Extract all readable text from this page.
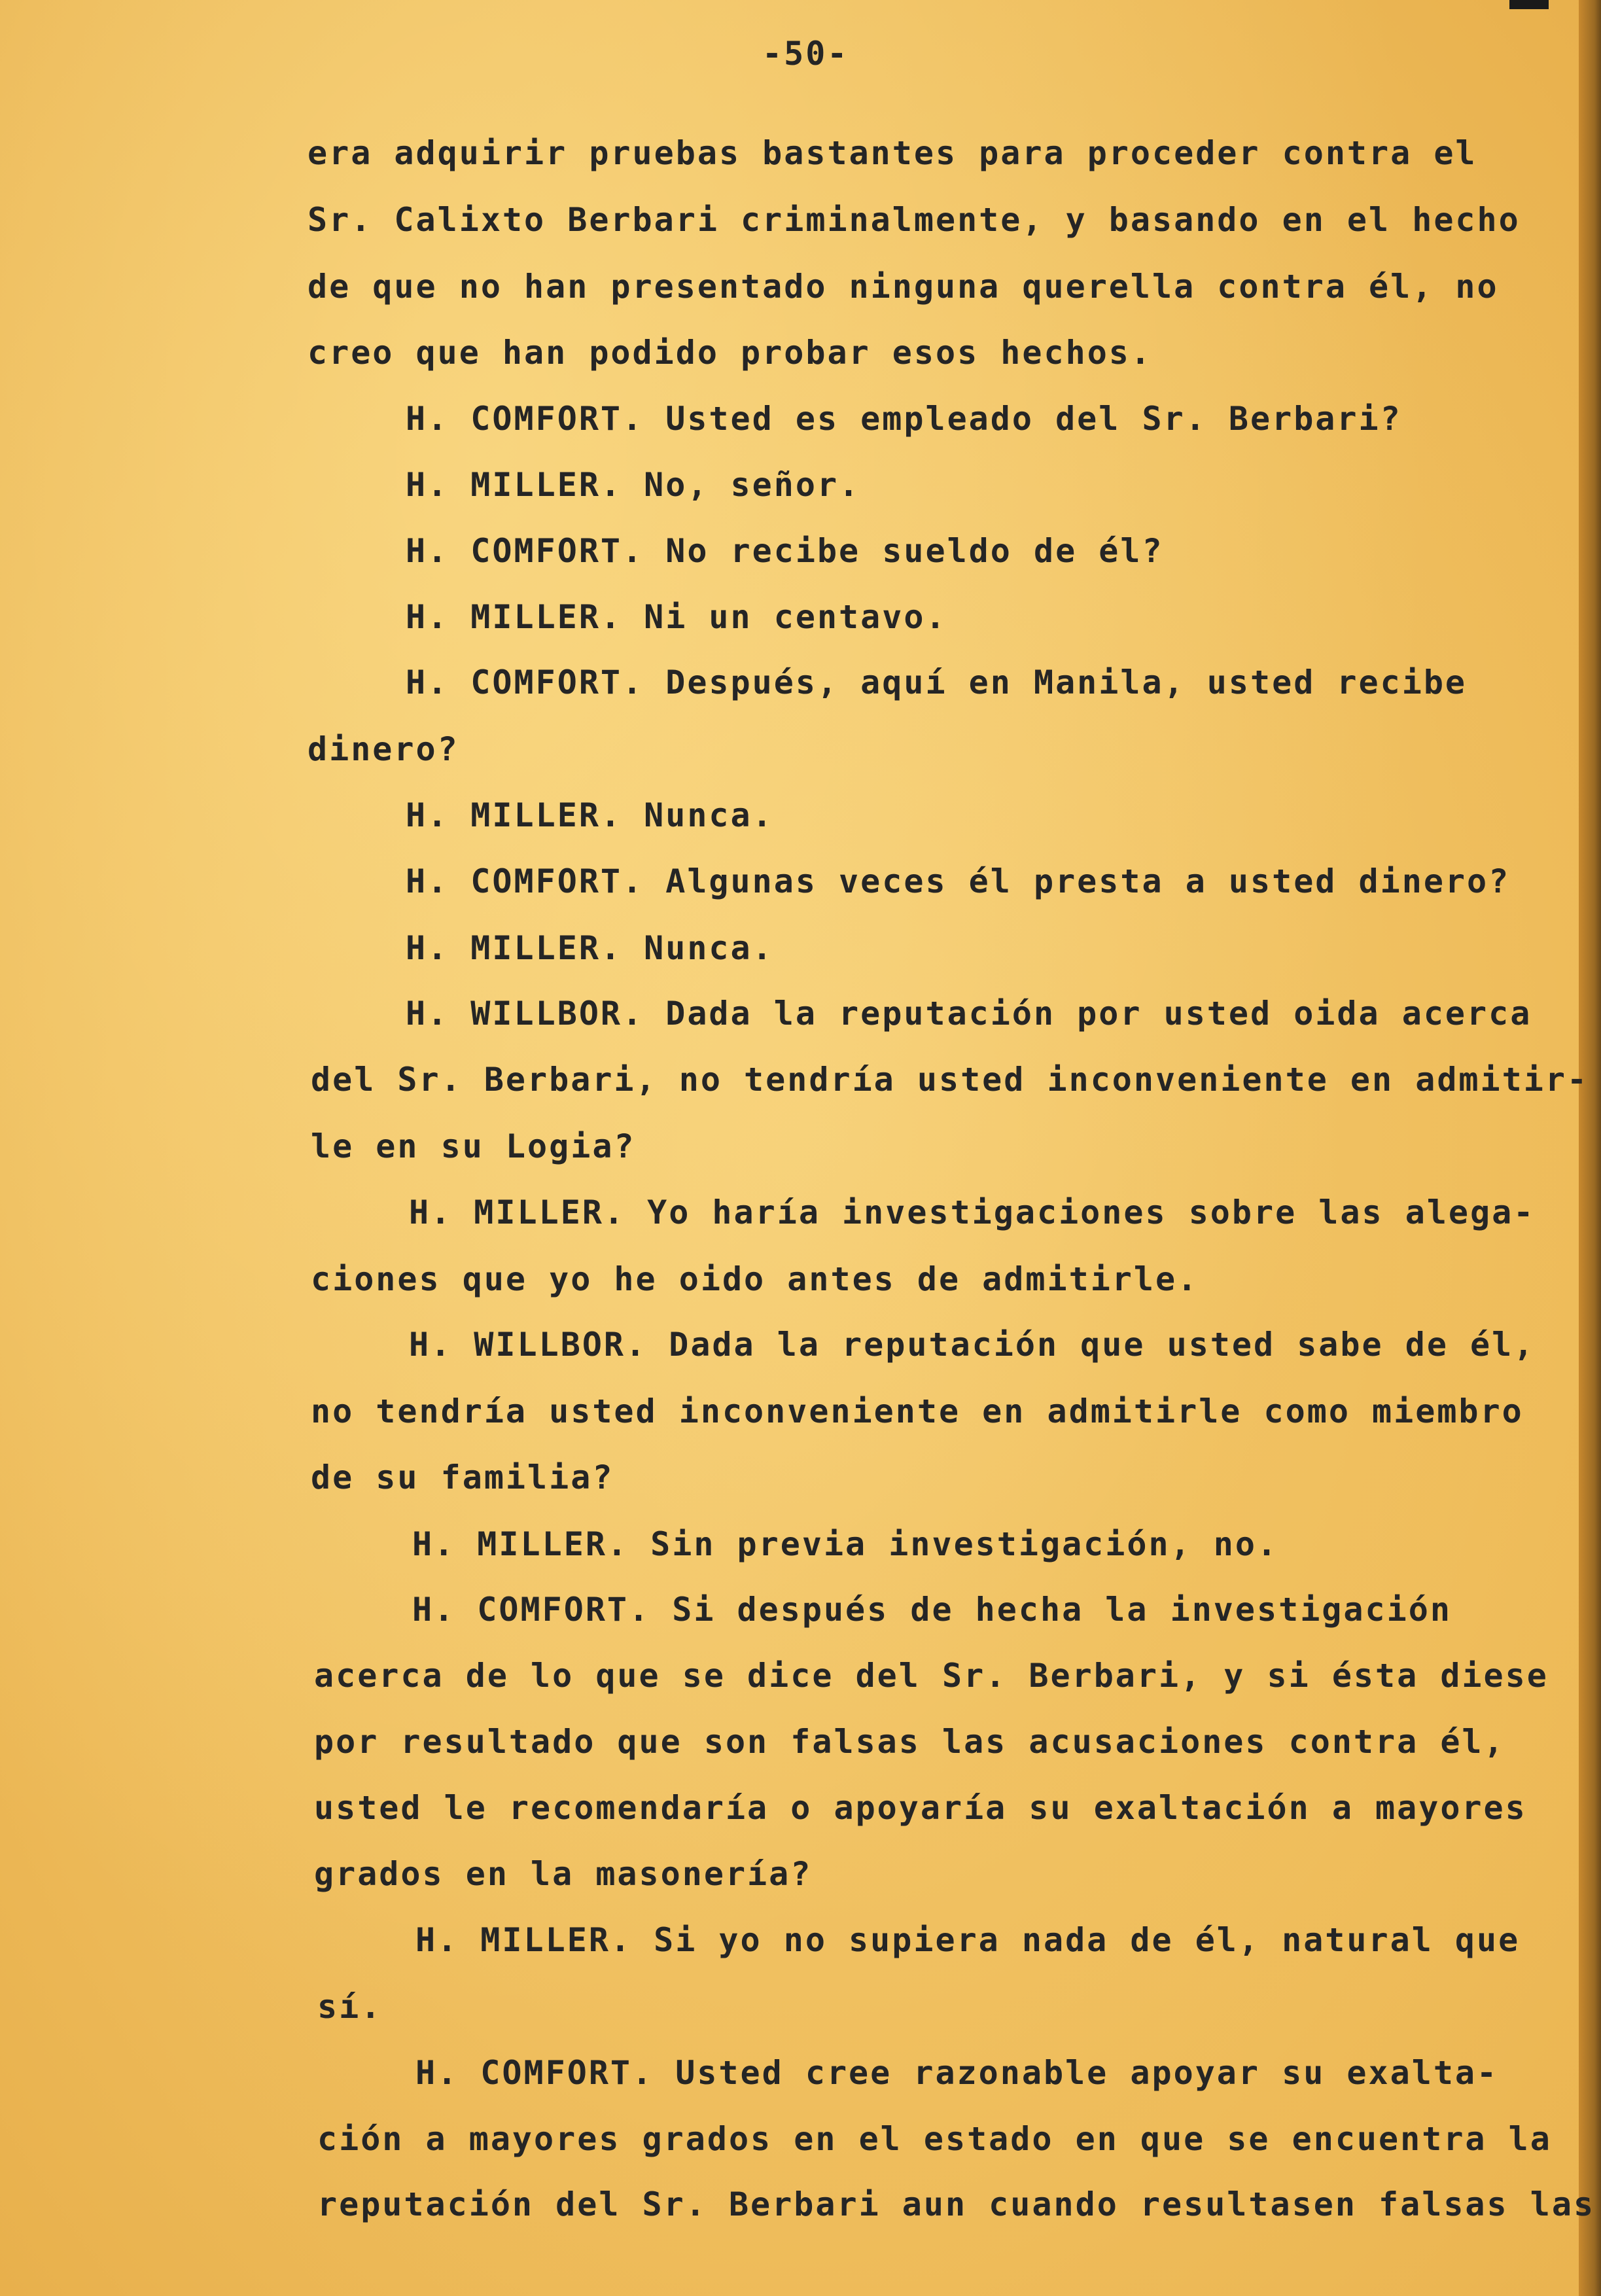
-50-
era adquirir pruebas bastantes para proceder contra el
Sr. Calixto Berbari criminalmente, y basando en el hecho
de que no han presentado ninguna querella contra él, no
creo que han podido probar esos hechos.
H. COMFORT. Usted es empleado del Sr. Berbari?
H. MILLER. No, señor.
H. COMFORT. No recibe sueldo de él?
H. MILLER. Ni un centavo.
H. COMFORT. Después, aquí en Manila, usted recibe
dinero?
H. MILLER. Nunca.
H. COMFORT. Algunas veces él presta a usted dinero?
H. MILLER. Nunca.
H. WILLBOR. Dada la reputación por usted oida acerca
del Sr. Berbari, no tendría usted inconveniente en admitir-
le en su Logia?
H. MILLER. Yo haría investigaciones sobre las alega-
ciones que yo he oido antes de admitirle.
H. WILLBOR. Dada la reputación que usted sabe de él,
no tendría usted inconveniente en admitirle como miembro
de su familia?
H. MILLER. Sin previa investigación, no.
H. COMFORT. Si después de hecha la investigación
acerca de lo que se dice del Sr. Berbari, y si ésta diese
por resultado que son falsas las acusaciones contra él,
usted le recomendaría o apoyaría su exaltación a mayores
grados en la masonería?
H. MILLER. Si yo no supiera nada de él, natural que
sí.
H. COMFORT. Usted cree razonable apoyar su exalta-
ción a mayores grados en el estado en que se encuentra la
reputación del Sr. Berbari aun cuando resultasen falsas las
